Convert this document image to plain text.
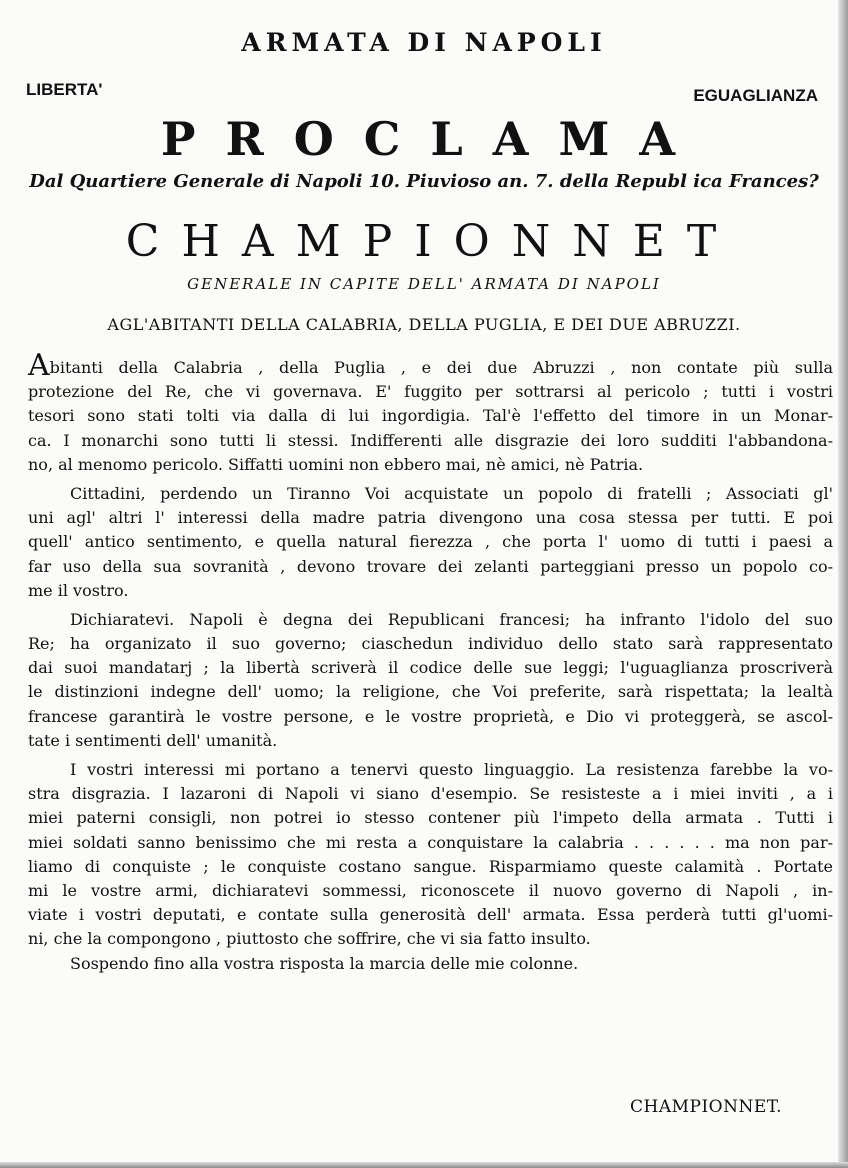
ARMATA DI NAPOLI
LIBERTA'	EGUAGLIANZA
PROCLAMA
Dal Quartiere Generale di Napoli 10. Piuvioso an. 7. della Republ ica Frances?
CHAMPIONNET
GENERALE IN CAPITE DELL' ARMATA DI NAPOLI
AGL'ABITANTI DELLA CALABRIA, DELLA PUGLIA, E DEI DUE ABRUZZI.
Abitanti della Calabria , della Puglia , e dei due Abruzzi , non contate più sulla
protezione del Re, che vi governava. E' fuggito per sottrarsi al pericolo ; tutti i vostri
tesori sono stati tolti via dalla di lui ingordigia. Tal'è l'effetto del timore in un Monar-
ca. I monarchi sono tutti li stessi. Indifferenti alle disgrazie dei loro sudditi l'abbandona-
no, al menomo pericolo. Siffatti uomini non ebbero mai, nè amici, nè Patria.
Cittadini, perdendo un Tiranno Voi acquistate un popolo di fratelli ; Associati gl'
uni agl' altri l' interessi della madre patria divengono una cosa stessa per tutti. E poi
quell' antico sentimento, e quella natural fierezza , che porta l' uomo di tutti i paesi a
far uso della sua sovranità , devono trovare dei zelanti parteggiani presso un popolo co-
me il vostro.
Dichiaratevi. Napoli è degna dei Republicani francesi; ha infranto l'idolo del suo
Re; ha organizato il suo governo; ciaschedun individuo dello stato sarà rappresentato
dai suoi mandatarj ; la libertà scriverà il codice delle sue leggi; l'uguaglianza proscriverà
le distinzioni indegne dell' uomo; la religione, che Voi preferite, sarà rispettata; la lealtà
francese garantirà le vostre persone, e le vostre proprietà, e Dio vi proteggerà, se ascol-
tate i sentimenti dell' umanità.
I vostri interessi mi portano a tenervi questo linguaggio. La resistenza farebbe la vo-
stra disgrazia. I lazaroni di Napoli vi siano d'esempio. Se resisteste a i miei inviti , a i
miei paterni consigli, non potrei io stesso contener più l'impeto della armata . Tutti i
miei soldati sanno benissimo che mi resta a conquistare la calabria . . . . . . ma non par-
liamo di conquiste ; le conquiste costano sangue. Risparmiamo queste calamità . Portate
mi le vostre armi, dichiaratevi sommessi, riconoscete il nuovo governo di Napoli , in-
viate i vostri deputati, e contate sulla generosità dell' armata. Essa perderà tutti gl'uomi-
ni, che la compongono , piuttosto che soffrire, che vi sia fatto insulto.
Sospendo fino alla vostra risposta la marcia delle mie colonne.
CHAMPIONNET.
